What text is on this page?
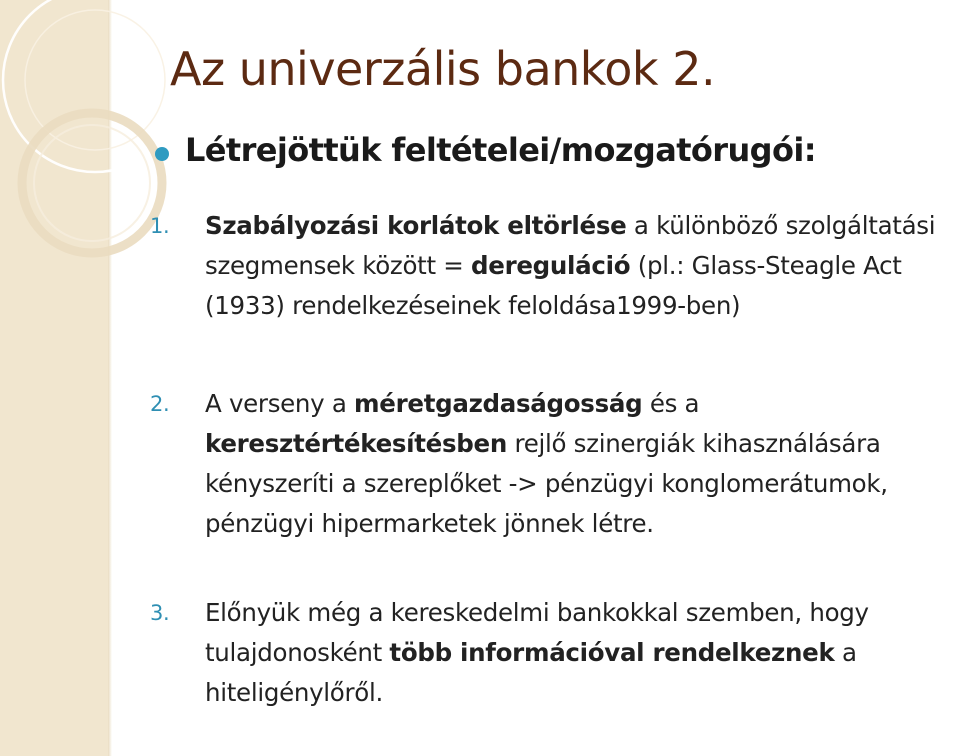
Az univerzális bankok 2.
Létrejöttük feltételei/mozgatórugói:
1. Szabályozási korlátok eltörlése a különböző szolgáltatási szegmensek között = dereguláció (pl.: Glass-Steagle Act (1933) rendelkezéseinek feloldása1999-ben)
2. A verseny a méretgazdaságosság és a keresztértékesítésben rejlő szinergiák kihasználására kényszeríti a szereplőket -> pénzügyi konglomerátumok, pénzügyi hipermarketek jönnek létre.
3. Előnyük még a kereskedelmi bankokkal szemben, hogy tulajdonosként több információval rendelkeznek a hiteligénylőről.
